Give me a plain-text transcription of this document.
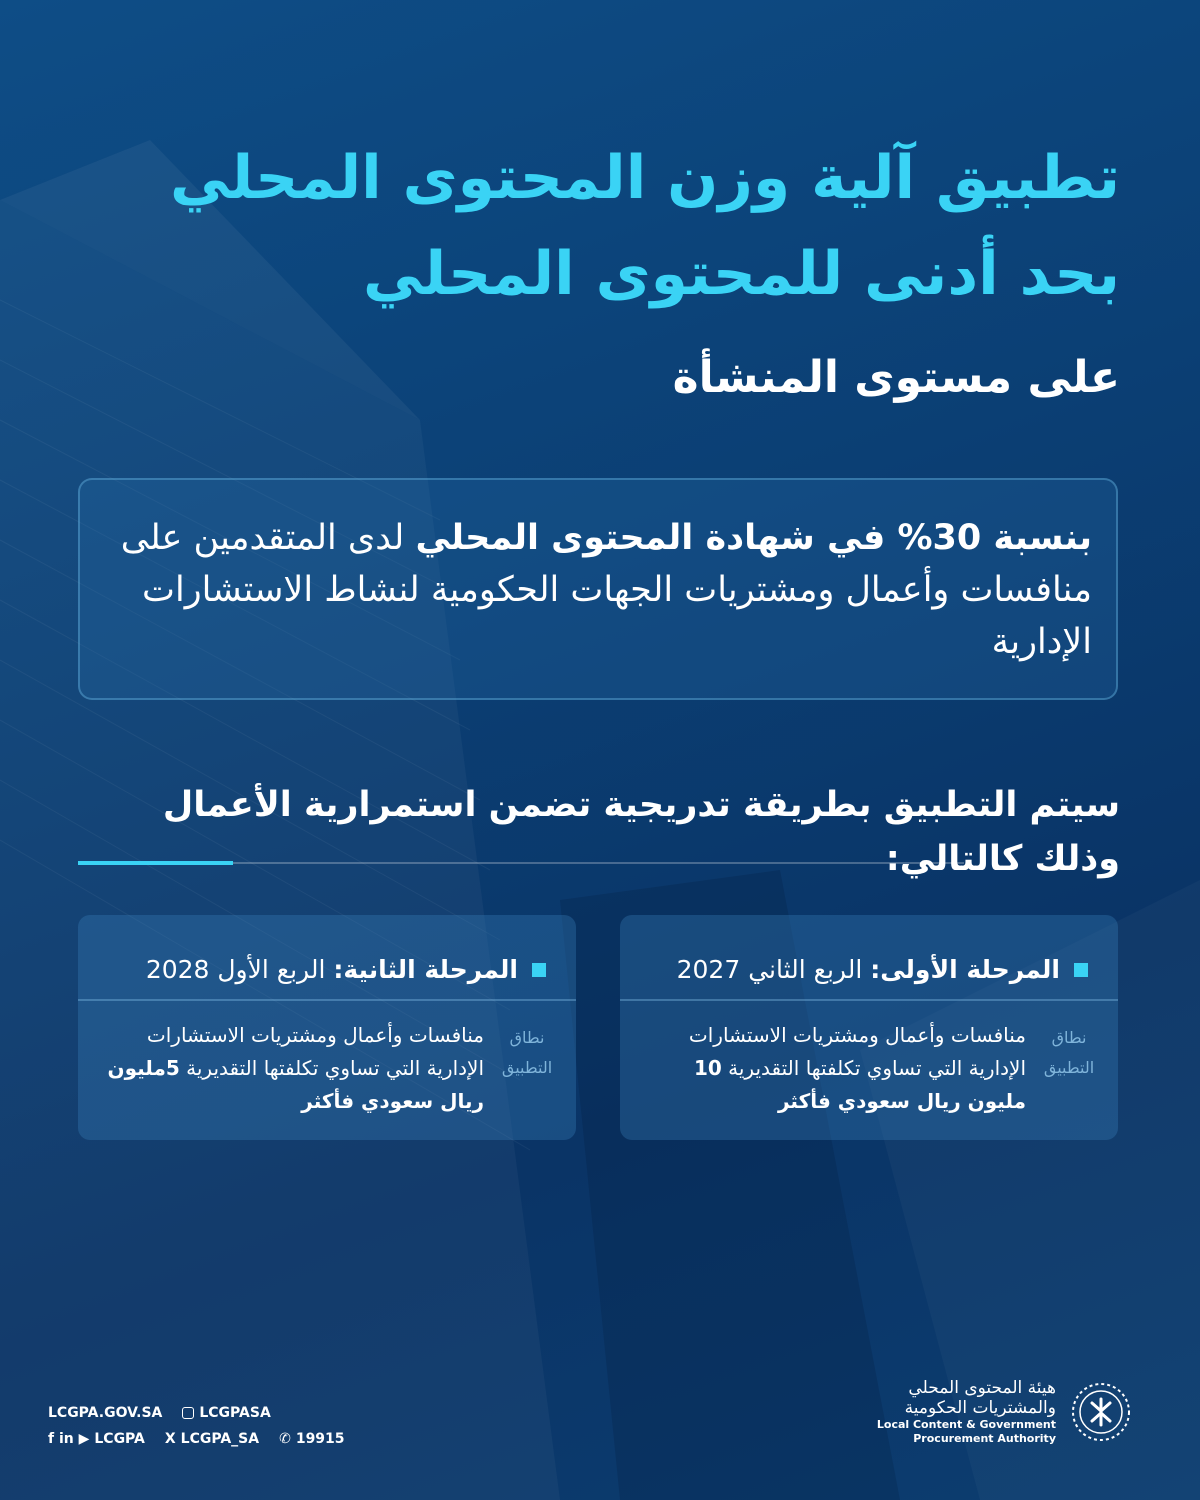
تطبيق آلية وزن المحتوى المحلي
بحد أدنى للمحتوى المحلي
على مستوى المنشأة
بنسبة 30% في شهادة المحتوى المحلي لدى المتقدمين على منافسات وأعمال ومشتريات الجهات الحكومية لنشاط الاستشارات الإدارية
سيتم التطبيق بطريقة تدريجية تضمن استمرارية الأعمال وذلك كالتالي:
المرحلة الأولى: الربع الثاني 2027
نطاق التطبيق
منافسات وأعمال ومشتريات الاستشارات الإدارية التي تساوي تكلفتها التقديرية 10 مليون ريال سعودي فأكثر
المرحلة الثانية: الربع الأول 2028
نطاق التطبيق
منافسات وأعمال ومشتريات الاستشارات الإدارية التي تساوي تكلفتها التقديرية 5مليون ريال سعودي فأكثر
LCGPA.GOV.SA	LCGPASA
f in ▶ LCGPA X LCGPA_SA ✆ 19915
هيئة المحتوى المحلي
والمشتريات الحكومية
Local Content & Government
Procurement Authority
